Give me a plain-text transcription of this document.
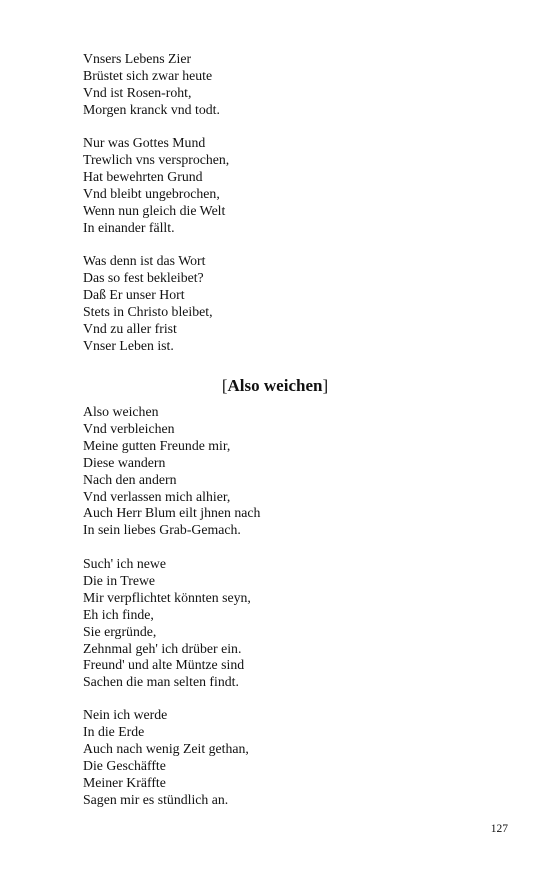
Vnsers Lebens Zier
Brüstet sich zwar heute
Vnd ist Rosen-roht,
Morgen kranck vnd todt.
Nur was Gottes Mund
Trewlich vns versprochen,
Hat bewehrten Grund
Vnd bleibt ungebrochen,
Wenn nun gleich die Welt
In einander fällt.
Was denn ist das Wort
Das so fest bekleibet?
Daß Er unser Hort
Stets in Christo bleibet,
Vnd zu aller frist
Vnser Leben ist.
[Also weichen]
Also weichen
Vnd verbleichen
Meine gutten Freunde mir,
Diese wandern
Nach den andern
Vnd verlassen mich alhier,
Auch Herr Blum eilt jhnen nach
In sein liebes Grab-Gemach.
Such' ich newe
Die in Trewe
Mir verpflichtet könnten seyn,
Eh ich finde,
Sie ergründe,
Zehnmal geh' ich drüber ein.
Freund' und alte Müntze sind
Sachen die man selten findt.
Nein ich werde
In die Erde
Auch nach wenig Zeit gethan,
Die Geschäffte
Meiner Kräffte
Sagen mir es stündlich an.
127
